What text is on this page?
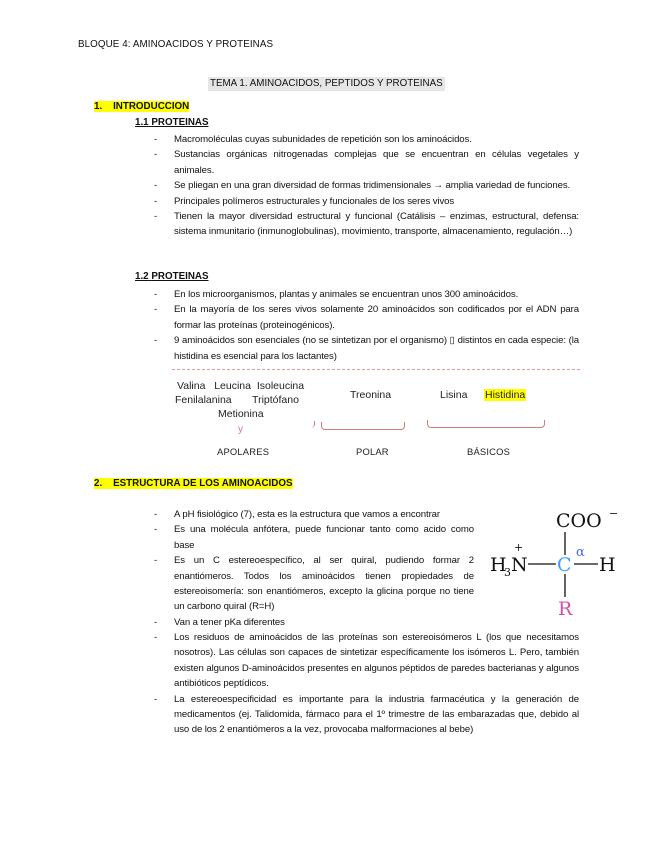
BLOQUE 4: AMINOACIDOS Y PROTEINAS
TEMA 1. AMINOACIDOS, PEPTIDOS Y PROTEINAS
1. INTRODUCCION
1.1 PROTEINAS
- Macromoléculas cuyas subunidades de repetición son los aminoácidos.
- Sustancias orgánicas nitrogenadas complejas que se encuentran en células vegetales y animales.
- Se pliegan en una gran diversidad de formas tridimensionales → amplia variedad de funciones.
- Principales polímeros estructurales y funcionales de los seres vivos
- Tienen la mayor diversidad estructural y funcional (Catálisis – enzimas, estructural, defensa: sistema inmunitario (inmunoglobulinas), movimiento, transporte, almacenamiento, regulación…)
1.2 PROTEINAS
- En los microorganismos, plantas y animales se encuentran unos 300 aminoácidos.
- En la mayoría de los seres vivos solamente 20 aminoácidos son codificados por el ADN para formar las proteínas (proteinogénicos).
- 9 aminoácidos son esenciales (no se sintetizan por el organismo) ▯ distintos en cada especie: (la histidina es esencial para los lactantes)
Valina Leucina Isoleucina
Fenilalanina Triptófano
Metionina
y
Treonina	Lisina Histidina
APOLARES	POLAR	BÁSICOS
2. ESTRUCTURA DE LOS AMINOACIDOS
- A pH fisiológico (7), esta es la estructura que vamos a encontrar
- Es una molécula anfótera, puede funcionar tanto como acido como base
- Es un C estereoespecífico, al ser quiral, pudiendo formar 2 enantiómeros. Todos los aminoácidos tienen propiedades de estereoisomería: son enantiómeros, excepto la glicina porque no tiene un carbono quiral (R=H)
- Van a tener pKa diferentes
- Los residuos de aminoácidos de las proteínas son estereoisómeros L (los que necesitamos nosotros). Las células son capaces de sintetizar específicamente los isómeros L. Pero, también existen algunos D-aminoácidos presentes en algunos péptidos de paredes bacterianas y algunos antibióticos peptídicos.
- La estereoespecificidad es importante para la industria farmacéutica y la generación de medicamentos (ej. Talidomida, fármaco para el 1º trimestre de las embarazadas que, debido al uso de los 2 enantiómeros a la vez, provocaba malformaciones al bebe)
COO −
H
3 N
+
C
α
H
R
